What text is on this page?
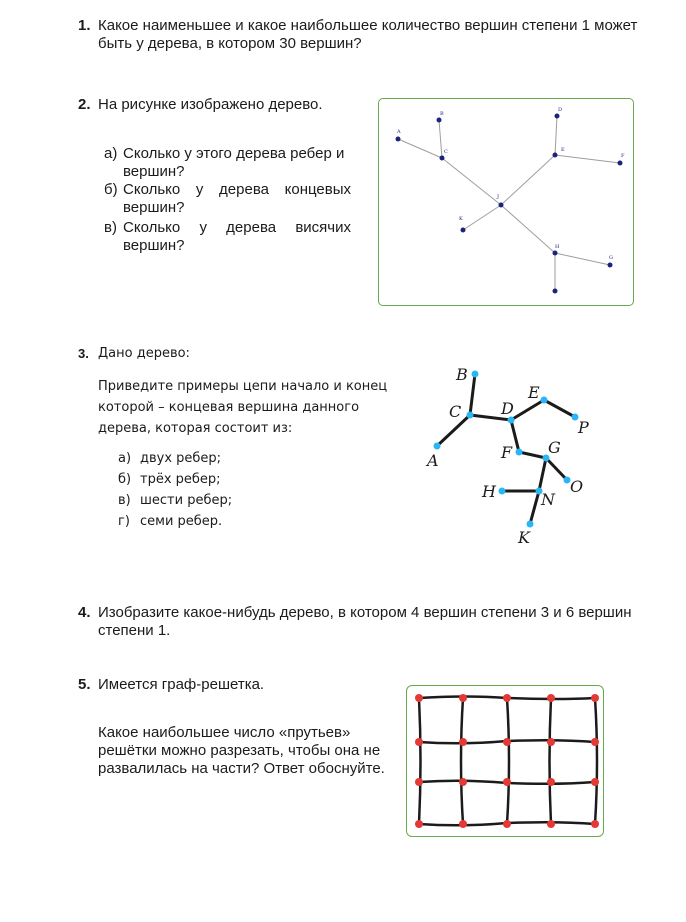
1. Какое наименьшее и какое наибольшее количество вершин степени 1 может быть у дерева, в котором 30 вершин?
2. На рисунке изображено дерево.
а) Сколько у этого дерева ребер и вершин?
б) Сколько у дерева концевых вершин?
в) Сколько у дерева висячих вершин?
A
B
C
D
E
F
J
K
H
G
3. Дано дерево:
Приведите примеры цепи начало и конец которой – концевая вершина данного дерева, которая состоит из:
а) двух ребер;
б) трёх ребер;
в) шести ребер;
г) семи ребер.
B
C
A
D
E
P
F G
O
H	N
K
4. Изобразите какое-нибудь дерево, в котором 4 вершин степени 3 и 6 вершин степени 1.
5. Имеется граф-решетка.
Какое наибольшее число «прутьев» решётки можно разрезать, чтобы она не развалилась на части? Ответ обоснуйте.
